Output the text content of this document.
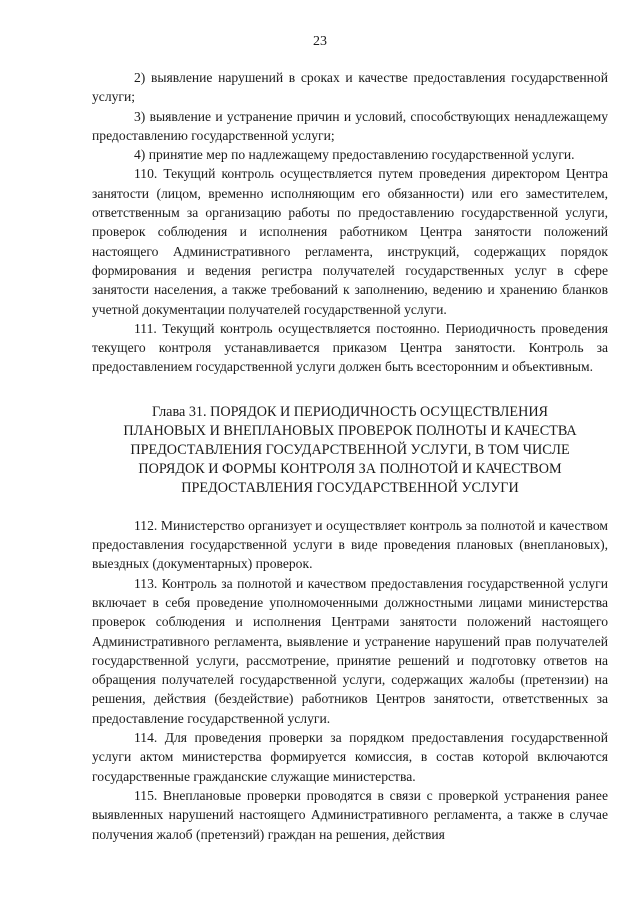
23

2) выявление нарушений в сроках и качестве предоставления государственной услуги;

3) выявление и устранение причин и условий, способствующих ненадлежащему предоставлению государственной услуги;

4) принятие мер по надлежащему предоставлению государственной услуги.

110. Текущий контроль осуществляется путем проведения директором Центра занятости (лицом, временно исполняющим его обязанности) или его заместителем, ответственным за организацию работы по предоставлению государственной услуги, проверок соблюдения и исполнения работником Центра занятости положений настоящего Административного регламента, инструкций, содержащих порядок формирования и ведения регистра получателей государственных услуг в сфере занятости населения, а также требований к заполнению, ведению и хранению бланков учетной документации получателей государственной услуги.

111. Текущий контроль осуществляется постоянно. Периодичность проведения текущего контроля устанавливается приказом Центра занятости. Контроль за предоставлением государственной услуги должен быть всесторонним и объективным.

Глава 31. ПОРЯДОК И ПЕРИОДИЧНОСТЬ ОСУЩЕСТВЛЕНИЯ
ПЛАНОВЫХ И ВНЕПЛАНОВЫХ ПРОВЕРОК ПОЛНОТЫ И КАЧЕСТВА
ПРЕДОСТАВЛЕНИЯ ГОСУДАРСТВЕННОЙ УСЛУГИ, В ТОМ ЧИСЛЕ
ПОРЯДОК И ФОРМЫ КОНТРОЛЯ ЗА ПОЛНОТОЙ И КАЧЕСТВОМ
ПРЕДОСТАВЛЕНИЯ ГОСУДАРСТВЕННОЙ УСЛУГИ

112. Министерство организует и осуществляет контроль за полнотой и качеством предоставления государственной услуги в виде проведения плановых (внеплановых), выездных (документарных) проверок.

113. Контроль за полнотой и качеством предоставления государственной услуги включает в себя проведение уполномоченными должностными лицами министерства проверок соблюдения и исполнения Центрами занятости положений настоящего Административного регламента, выявление и устранение нарушений прав получателей государственной услуги, рассмотрение, принятие решений и подготовку ответов на обращения получателей государственной услуги, содержащих жалобы (претензии) на решения, действия (бездействие) работников Центров занятости, ответственных за предоставление государственной услуги.

114. Для проведения проверки за порядком предоставления государственной услуги актом министерства формируется комиссия, в состав которой включаются государственные гражданские служащие министерства.

115. Внеплановые проверки проводятся в связи с проверкой устранения ранее выявленных нарушений настоящего Административного регламента, а также в случае получения жалоб (претензий) граждан на решения, действия
